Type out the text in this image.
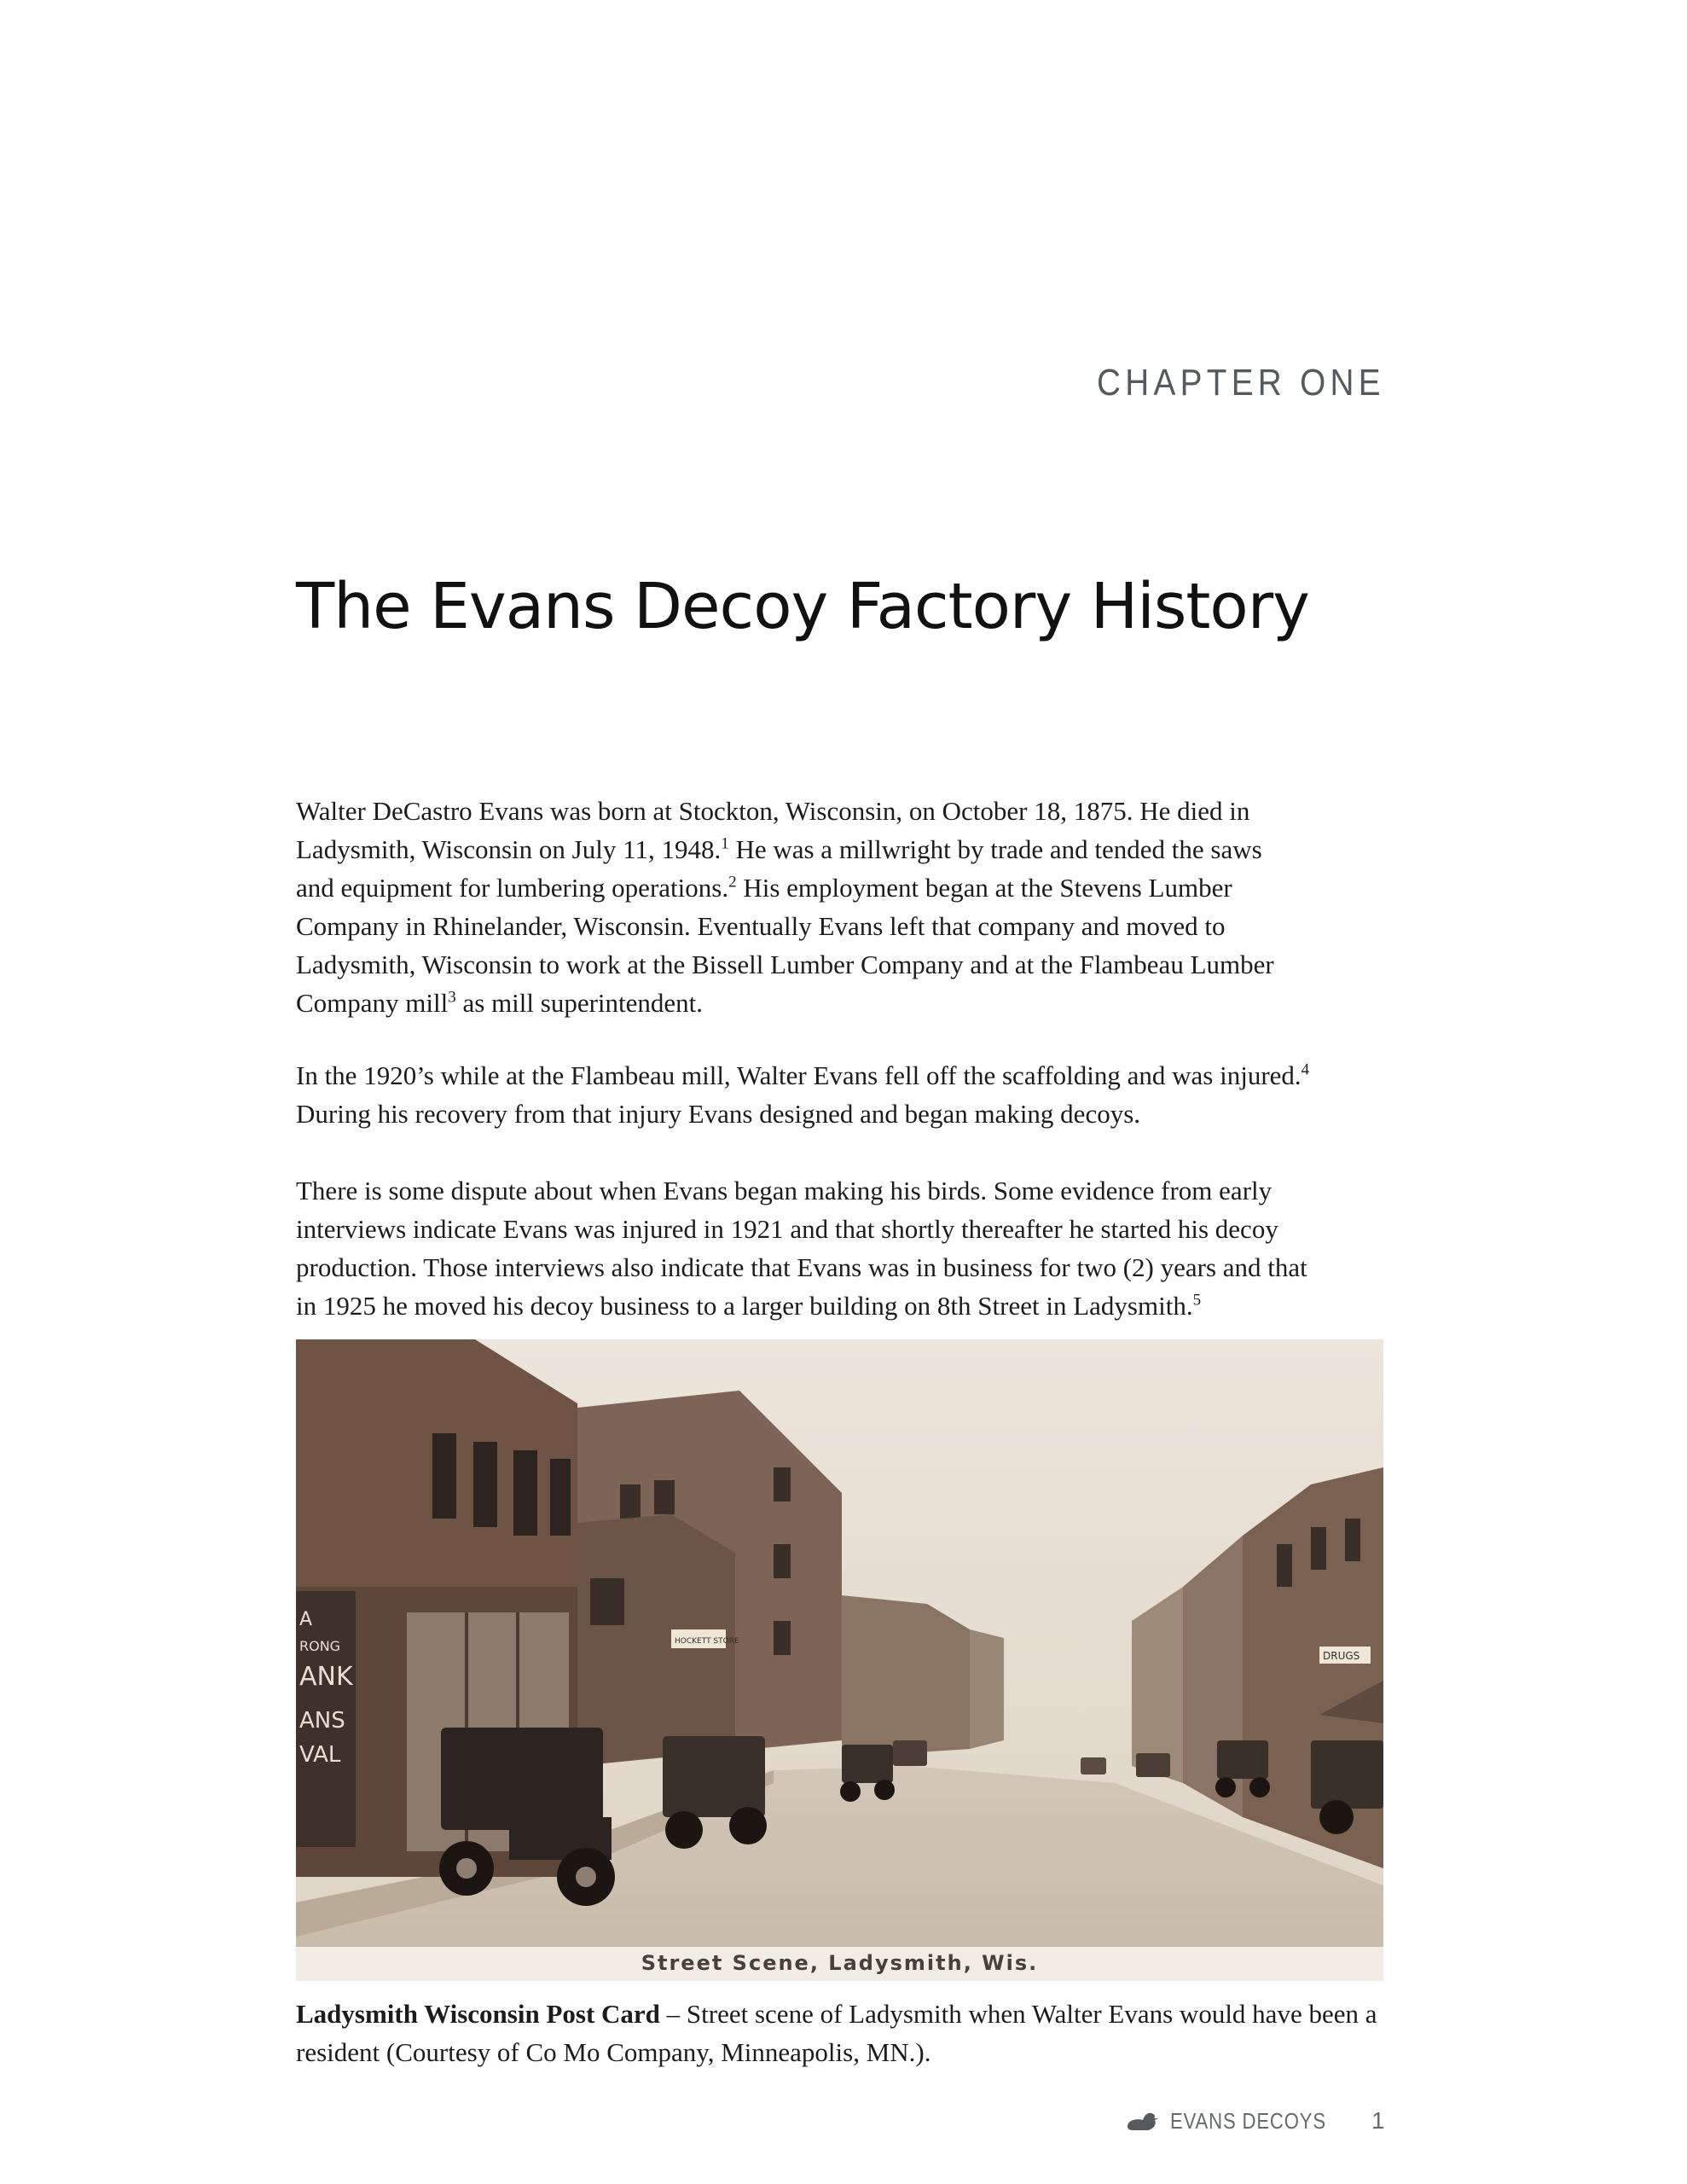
CHAPTER ONE
The Evans Decoy Factory History
Walter DeCastro Evans was born at Stockton, Wisconsin, on October 18, 1875. He died in
Ladysmith, Wisconsin on July 11, 1948.$^1$ He was a millwright by trade and tended the saws
and equipment for lumbering operations.$^2$ His employment began at the Stevens Lumber
Company in Rhinelander, Wisconsin. Eventually Evans left that company and moved to
Ladysmith, Wisconsin to work at the Bissell Lumber Company and at the Flambeau Lumber
Company mill$^3$ as mill superintendent.
In the 1920’s while at the Flambeau mill, Walter Evans fell off the scaffolding and was injured.$^4$
During his recovery from that injury Evans designed and began making decoys.
There is some dispute about when Evans began making his birds. Some evidence from early
interviews indicate Evans was injured in 1921 and that shortly thereafter he started his decoy
production. Those interviews also indicate that Evans was in business for two (2) years and that
in 1925 he moved his decoy business to a larger building on 8th Street in Ladysmith.$^5$
A
RONG
ANK
ANS
VAL
HOCKETT STORE
DRUGS
Street Scene, Ladysmith, Wis.
Ladysmith Wisconsin Post Card – Street scene of Ladysmith when Walter Evans would have been a
resident (Courtesy of Co Mo Company, Minneapolis, MN.).
EVANS DECOYS 1
